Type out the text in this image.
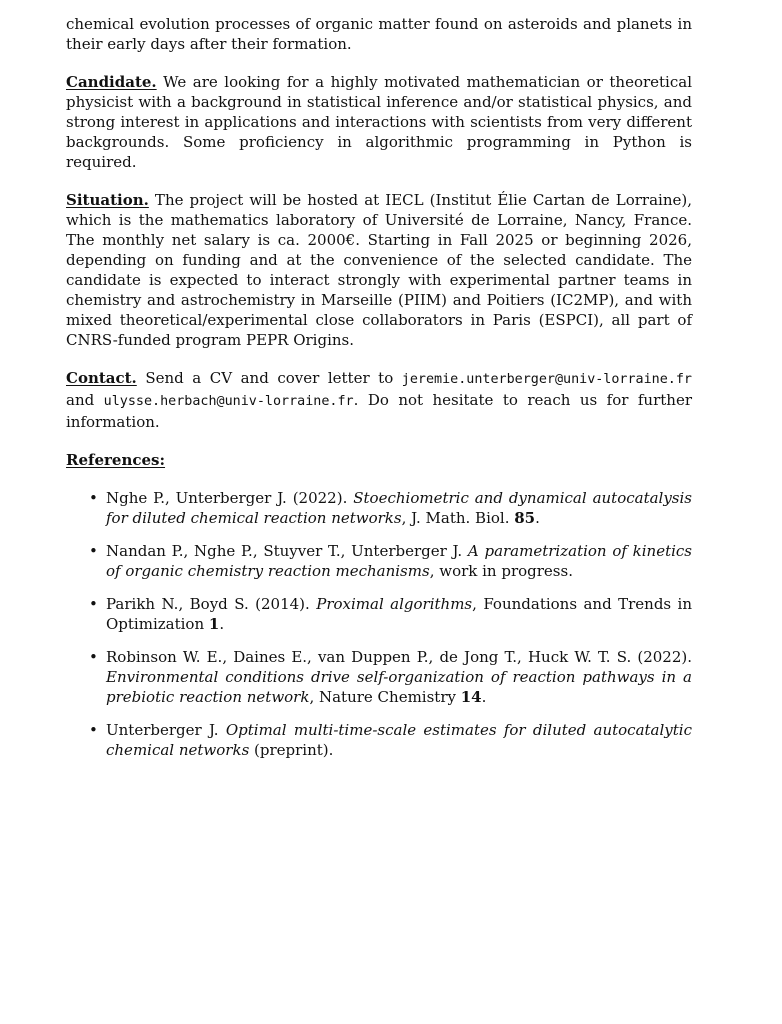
chemical evolution processes of organic matter found on asteroids and planets in their early days after their formation.

Candidate. We are looking for a highly motivated mathematician or theoretical physicist with a background in statistical inference and/or statistical physics, and strong interest in applications and interactions with scientists from very different backgrounds. Some proficiency in algorithmic programming in Python is required.

Situation. The project will be hosted at IECL (Institut Élie Cartan de Lorraine), which is the mathematics laboratory of Université de Lorraine, Nancy, France. The monthly net salary is ca. 2000€. Starting in Fall 2025 or beginning 2026, depending on funding and at the convenience of the selected candidate. The candidate is expected to interact strongly with experimental partner teams in chemistry and astrochemistry in Marseille (PIIM) and Poitiers (IC2MP), and with mixed theoretical/experimental close collaborators in Paris (ESPCI), all part of CNRS-funded program PEPR Origins.

Contact. Send a CV and cover letter to jeremie.unterberger@univ-lorraine.fr and ulysse.herbach@univ-lorraine.fr. Do not hesitate to reach us for further information.

References:
• Nghe P., Unterberger J. (2022). Stoechiometric and dynamical autocatalysis for diluted chemical reaction networks, J. Math. Biol. 85.
• Nandan P., Nghe P., Stuyver T., Unterberger J. A parametrization of kinetics of organic chemistry reaction mechanisms, work in progress.
• Parikh N., Boyd S. (2014). Proximal algorithms, Foundations and Trends in Optimization 1.
• Robinson W. E., Daines E., van Duppen P., de Jong T., Huck W. T. S. (2022). Environmental conditions drive self-organization of reaction pathways in a prebiotic reaction network, Nature Chemistry 14.
• Unterberger J. Optimal multi-time-scale estimates for diluted autocatalytic chemical networks (preprint).
